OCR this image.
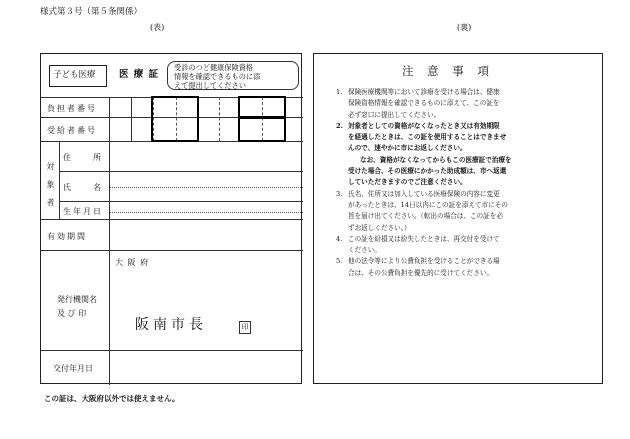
様式第３号（第５条関係）
(表)	(裏)
子ども医療 医 療 証
受診のつど健康保険資格
情報を確認できるものに添
えて提出してください
負担者番号
受給者番号
対象者
住　　所
氏　　名
生年月日
有効期間
発行機関名
及 び 印
大 阪 府
阪南市長	印
交付年月日
この証は、大阪府以外では使えません。
注 意 事 項
1. 保険医療機関等において診療を受ける場合は、健康
保険資格情報を確認できるものに添えて、この証を
必ず窓口に提出してください。
2. 対象者としての資格がなくなったとき又は有効期限
を経過したときは、この証を使用することはできませ
んので、速やかに市にお返しください。
なお、資格がなくなってからもこの医療証で治療を
受けた場合、その医療にかかった助成額は、市へ返還
していただきますのでご注意ください。
3. 氏名、住所又は加入している医療保険の内容に変更
があったときは、14日以内にこの証を添えて市にその
旨を届け出てください。（転出の場合は、この証を必
ずお返しください。）
4. この証を紛損又は紛失したときは、再交付を受けて
ください。
5. 他の法令等により公費負担を受けることができる場
合は、その公費負担を優先的に受けてください。
